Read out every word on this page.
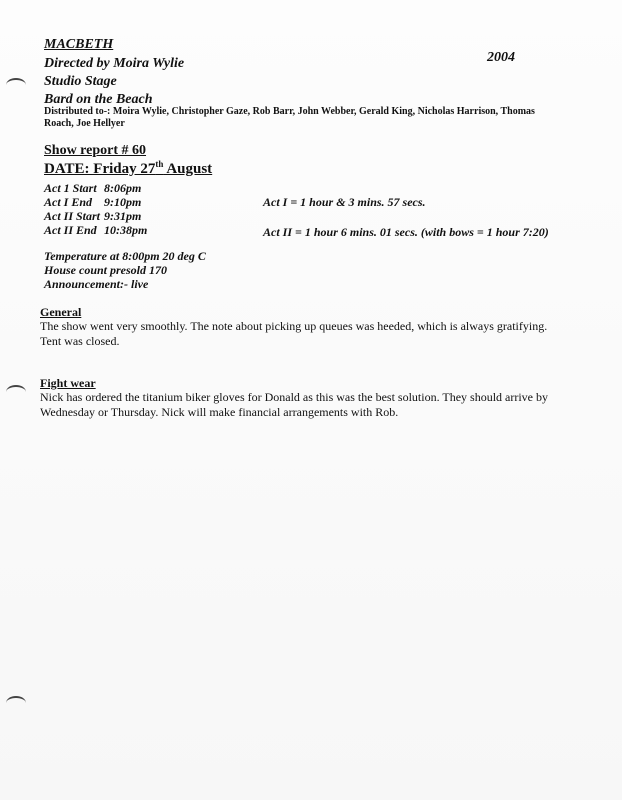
MACBETH
2004
Directed by Moira Wylie
Studio Stage
Bard on the Beach
Distributed to-: Moira Wylie, Christopher Gaze, Rob Barr, John Webber, Gerald King, Nicholas Harrison, Thomas Roach, Joe Hellyer
Show report # 60
DATE: Friday 27th August
Act 1 Start 8:06pm
Act I End 9:10pm
Act II Start 9:31pm
Act II End 10:38pm
Act I = 1 hour & 3 mins. 57 secs.
Act II = 1 hour 6 mins. 01 secs. (with bows = 1 hour 7:20)
Temperature at 8:00pm 20 deg C
House count presold 170
Announcement:- live
General
The show went very smoothly. The note about picking up queues was heeded, which is always gratifying. Tent was closed.
Fight wear
Nick has ordered the titanium biker gloves for Donald as this was the best solution. They should arrive by Wednesday or Thursday. Nick will make financial arrangements with Rob.
